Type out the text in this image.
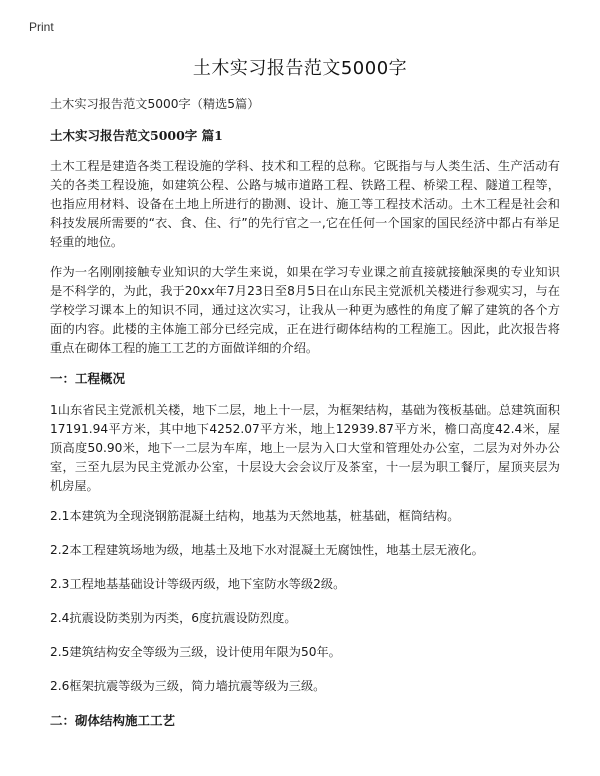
Print
土木实习报告范文5000字

土木实习报告范文5000字（精选5篇）

土木实习报告范文5000字 篇1

土木工程是建造各类工程设施的学科、技术和工程的总称。它既指与与人类生活、生产活动有关的各类工程设施，如建筑公程、公路与城市道路工程、铁路工程、桥梁工程、隧道工程等，也指应用材料、设备在土地上所进行的勘测、设计、施工等工程技术活动。土木工程是社会和科技发展所需要的“衣、食、住、行”的先行官之一,它在任何一个国家的国民经济中都占有举足轻重的地位。

作为一名刚刚接触专业知识的大学生来说，如果在学习专业课之前直接就接触深奥的专业知识是不科学的，为此，我于20xx年7月23日至8月5日在山东民主党派机关楼进行参观实习，与在学校学习课本上的知识不同，通过这次实习，让我从一种更为感性的角度了解了建筑的各个方面的内容。此楼的主体施工部分已经完成，正在进行砌体结构的工程施工。因此，此次报告将重点在砌体工程的施工工艺的方面做详细的介绍。

一：工程概况

1山东省民主党派机关楼，地下二层，地上十一层，为框架结构，基础为筏板基础。总建筑面积17191.94平方米，其中地下4252.07平方米，地上12939.87平方米，檐口高度42.4米，屋顶高度50.90米，地下一二层为车库，地上一层为入口大堂和管理处办公室，二层为对外办公室，三至九层为民主党派办公室，十层设大会会议厅及茶室，十一层为职工餐厅，屋顶夹层为机房屋。

2.1本建筑为全现浇钢筋混凝土结构，地基为天然地基，桩基础，框筒结构。

2.2本工程建筑场地为级，地基土及地下水对混凝土无腐蚀性，地基土层无液化。

2.3工程地基基础设计等级丙级，地下室防水等级2级。

2.4抗震设防类别为丙类，6度抗震设防烈度。

2.5建筑结构安全等级为三级，设计使用年限为50年。

2.6框架抗震等级为三级，简力墙抗震等级为三级。

二：砌体结构施工工艺
